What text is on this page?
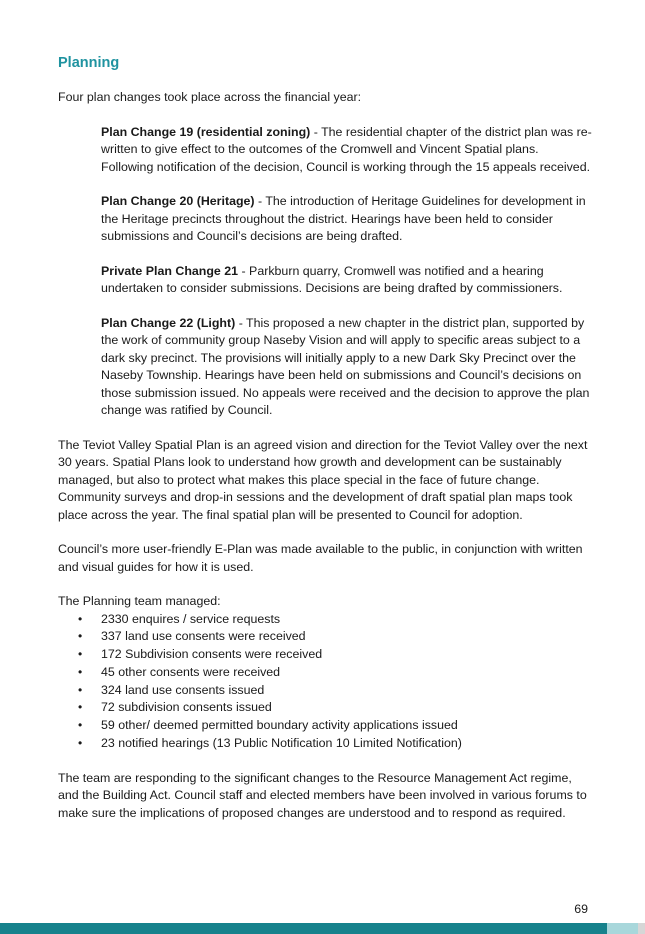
Planning

Four plan changes took place across the financial year:

Plan Change 19 (residential zoning) - The residential chapter of the district plan was re-written to give effect to the outcomes of the Cromwell and Vincent Spatial plans. Following notification of the decision, Council is working through the 15 appeals received.

Plan Change 20 (Heritage) - The introduction of Heritage Guidelines for development in the Heritage precincts throughout the district. Hearings have been held to consider submissions and Council’s decisions are being drafted.

Private Plan Change 21 - Parkburn quarry, Cromwell was notified and a hearing undertaken to consider submissions. Decisions are being drafted by commissioners.

Plan Change 22 (Light) - This proposed a new chapter in the district plan, supported by the work of community group Naseby Vision and will apply to specific areas subject to a dark sky precinct. The provisions will initially apply to a new Dark Sky Precinct over the Naseby Township. Hearings have been held on submissions and Council’s decisions on those submission issued. No appeals were received and the decision to approve the plan change was ratified by Council.

The Teviot Valley Spatial Plan is an agreed vision and direction for the Teviot Valley over the next 30 years. Spatial Plans look to understand how growth and development can be sustainably managed, but also to protect what makes this place special in the face of future change. Community surveys and drop-in sessions and the development of draft spatial plan maps took place across the year. The final spatial plan will be presented to Council for adoption.

Council’s more user-friendly E-Plan was made available to the public, in conjunction with written and visual guides for how it is used.

The Planning team managed:

• 2330 enquires / service requests
• 337 land use consents were received
• 172 Subdivision consents were received
• 45 other consents were received
• 324 land use consents issued
• 72 subdivision consents issued
• 59 other/ deemed permitted boundary activity applications issued
• 23 notified hearings (13 Public Notification 10 Limited Notification)

The team are responding to the significant changes to the Resource Management Act regime, and the Building Act. Council staff and elected members have been involved in various forums to make sure the implications of proposed changes are understood and to respond as required.

69
